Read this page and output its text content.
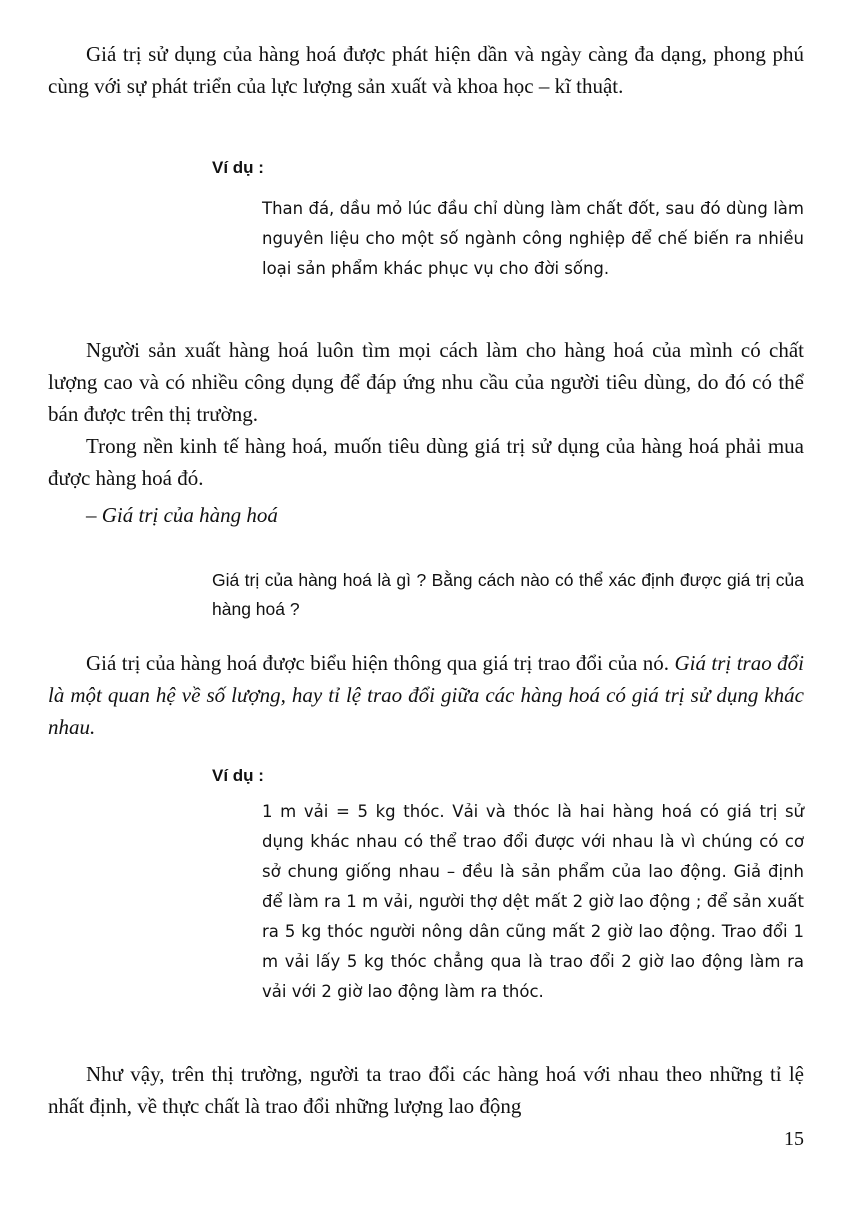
Giá trị sử dụng của hàng hoá được phát hiện dần và ngày càng đa dạng, phong phú cùng với sự phát triển của lực lượng sản xuất và khoa học – kĩ thuật.

Ví dụ :

Than đá, dầu mỏ lúc đầu chỉ dùng làm chất đốt, sau đó dùng làm nguyên liệu cho một số ngành công nghiệp để chế biến ra nhiều loại sản phẩm khác phục vụ cho đời sống.

Người sản xuất hàng hoá luôn tìm mọi cách làm cho hàng hoá của mình có chất lượng cao và có nhiều công dụng để đáp ứng nhu cầu của người tiêu dùng, do đó có thể bán được trên thị trường.

Trong nền kinh tế hàng hoá, muốn tiêu dùng giá trị sử dụng của hàng hoá phải mua được hàng hoá đó.

– Giá trị của hàng hoá

Giá trị của hàng hoá là gì ? Bằng cách nào có thể xác định được giá trị của hàng hoá ?

Giá trị của hàng hoá được biểu hiện thông qua giá trị trao đổi của nó. Giá trị trao đổi là một quan hệ về số lượng, hay tỉ lệ trao đổi giữa các hàng hoá có giá trị sử dụng khác nhau.

Ví dụ :

1 m vải = 5 kg thóc. Vải và thóc là hai hàng hoá có giá trị sử dụng khác nhau có thể trao đổi được với nhau là vì chúng có cơ sở chung giống nhau – đều là sản phẩm của lao động. Giả định để làm ra 1 m vải, người thợ dệt mất 2 giờ lao động ; để sản xuất ra 5 kg thóc người nông dân cũng mất 2 giờ lao động. Trao đổi 1 m vải lấy 5 kg thóc chẳng qua là trao đổi 2 giờ lao động làm ra vải với 2 giờ lao động làm ra thóc.

Như vậy, trên thị trường, người ta trao đổi các hàng hoá với nhau theo những tỉ lệ nhất định, về thực chất là trao đổi những lượng lao động

15
